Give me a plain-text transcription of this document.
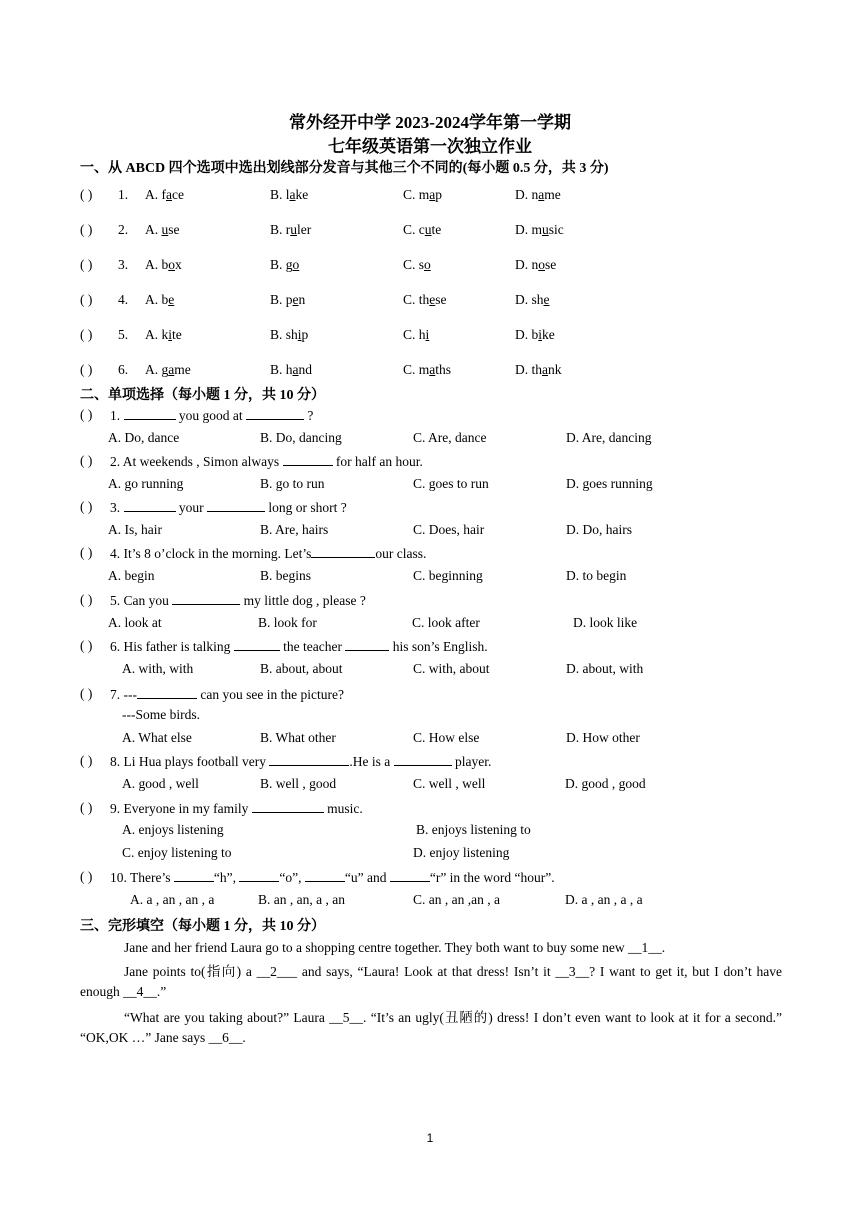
常外经开中学 2023-2024学年第一学期
七年级英语第一次独立作业
一、从 ABCD 四个选项中选出划线部分发音与其他三个不同的(每小题 0.5 分，共 3 分)
( ) 1. A. face	B. lake	C. map	D. name
( ) 2. A. use	B. ruler	C. cute	D. music
( ) 3. A. box	B. go	C. so	D. nose
( ) 4. A. be	B. pen	C. these	D. she
( ) 5. A. kite	B. ship	C. hi	D. bike
( ) 6. A. game	B. hand	C. maths	D. thank
二、单项选择（每小题 1 分，共 10 分）
( ) 1.	you good at	?
A. Do, dance	B. Do, dancing	C. Are, dance	D. Are, dancing
( ) 2. At weekends , Simon always	for half an hour.
A. go running	B. go to run	C. goes to run	D. goes running
( ) 3.	your	long or short ?
A. Is, hair	B. Are, hairs	C. Does, hair	D. Do, hairs
( ) 4. It’s 8 o’clock in the morning. Let’s	our class.
A. begin	B. begins	C. beginning	D. to begin
( ) 5. Can you	my little dog , please ?
A. look at	B. look for	C. look after	D. look like
( ) 6. His father is talking	the teacher	his son’s English.
A. with, with	B. about, about	C. with, about	D. about, with
( ) 7. ---	can you see in the picture?
---Some birds.
A. What else	B. What other	C. How else	D. How other
( ) 8. Li Hua plays football very	.He is a	player.
A. good , well	B. well , good	C. well , well	D. good , good
( ) 9. Everyone in my family	music.
A. enjoys listening	B. enjoys listening to
C. enjoy listening to	D. enjoy listening
( ) 10. There’s	“h”,	“o”,	“u” and	“r” in the word “hour”.
A. a , an , an , a	B. an , an, a , an	C. an , an ,an , a	D. a , an , a , a
三、完形填空（每小题 1 分，共 10 分）
Jane and her friend Laura go to a shopping centre together. They both want to buy some new __1__.
Jane points to(指向) a __2___ and says, “Laura! Look at that dress! Isn’t it __3__? I want to get it, but I don’t have enough __4__.”
“What are you taking about?” Laura __5__. “It’s an ugly(丑陋的) dress! I don’t even want to look at it for a second.” “OK,OK …” Jane says __6__.
1
